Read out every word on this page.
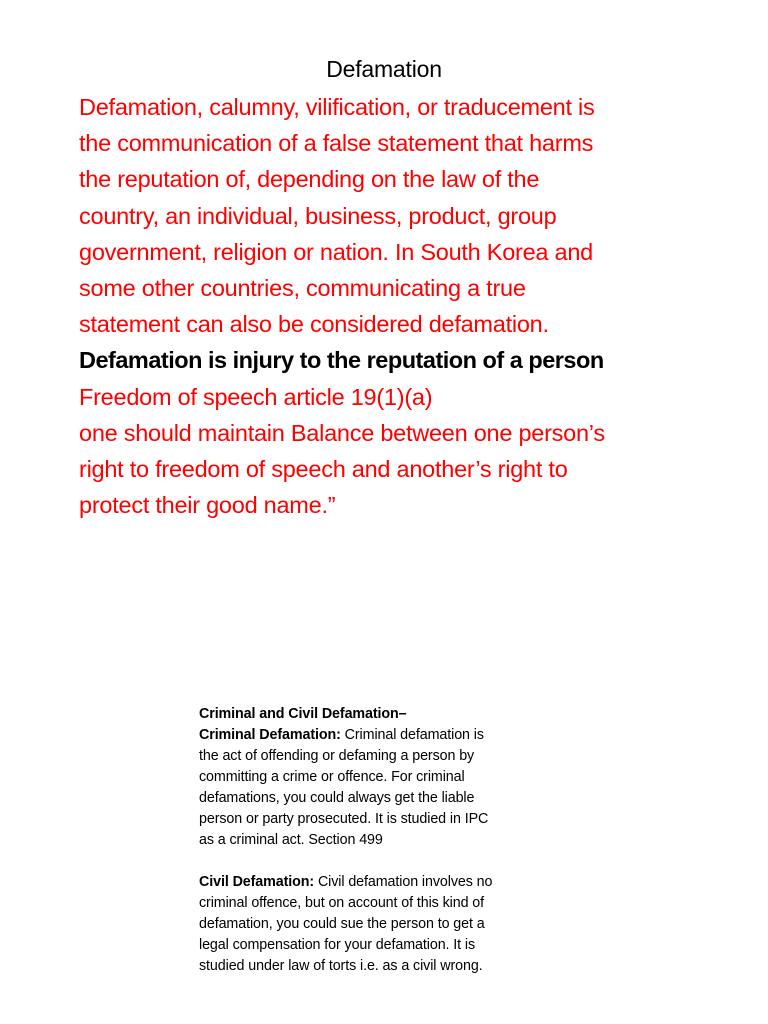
Defamation

Defamation, calumny, vilification, or traducement is
the communication of a false statement that harms
the reputation of, depending on the law of the
country, an individual, business, product, group
government, religion or nation. In South Korea and
some other countries, communicating a true
statement can also be considered defamation.

Defamation is injury to the reputation of a person

Freedom of speech article 19(1)(a)

one should maintain Balance between one person’s
right to freedom of speech and another’s right to
protect their good name.”

Criminal and Civil Defamation–

Criminal Defamation: Criminal defamation is
the act of offending or defaming a person by
committing a crime or offence. For criminal
defamations, you could always get the liable
person or party prosecuted. It is studied in IPC
as a criminal act. Section 499

Civil Defamation: Civil defamation involves no
criminal offence, but on account of this kind of
defamation, you could sue the person to get a
legal compensation for your defamation. It is
studied under law of torts i.e. as a civil wrong.
